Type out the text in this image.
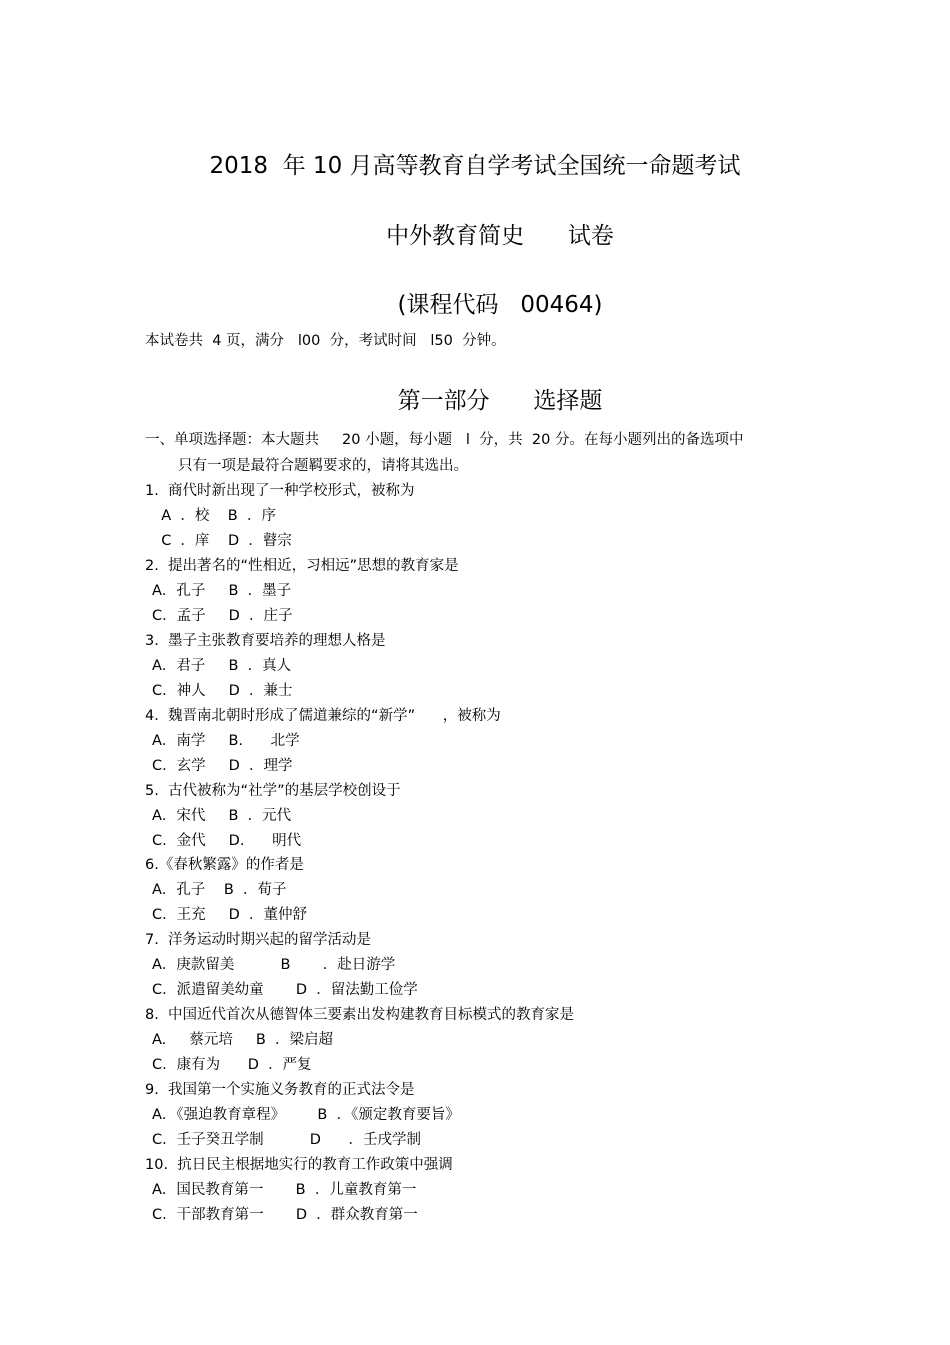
2018  年 10 月高等教育自学考试全国统一命题考试
中外教育简史      试卷
(课程代码   00464)
本试卷共  4 页，满分   l00  分，考试时间   l50  分钟。
第一部分      选择题
一、单项选择题：本大题共     20 小题，每小题   l  分，共  20 分。在每小题列出的备选项中
只有一项是最符合题羁要求的，请将其选出。
1.  商代时新出现了一种学校形式，被称为
A  ．校    B  ．序
C  ．庠    D  ．瞽宗
2.  提出著名的“性相近，习相远”思想的教育家是
A．孔子     B  ．墨子
C．孟子     D  ．庄子
3.  墨子主张教育要培养的理想人格是
A．君子     B  ．真人
C．神人     D  ．兼士
4.  魏晋南北朝时形成了儒道兼综的“新学”      ，被称为
A．南学     B.      北学
C．玄学     D  ．理学
5.  古代被称为“社学”的基层学校创设于
A．宋代     B  ．元代
C．金代     D.      明代
6.《春秋繁露》的作者是
A．孔子    B  ．荀子
C．王充     D  ．董仲舒
7.  洋务运动时期兴起的留学活动是
A．庚款留美          B       ．赴日游学
C．派遣留美幼童       D  ．留法勤工俭学
8.  中国近代首次从德智体三要素出发构建教育目标模式的教育家是
A.     蔡元培     B  ．梁启超
C．康有为      D  ．严复
9.  我国第一个实施义务教育的正式法令是
A．《强迫教育章程》       B  ．《颁定教育要旨》
C．壬子癸丑学制          D      ．壬戌学制
10.  抗日民主根据地实行的教育工作政策中强调
A．国民教育第一       B  ．儿童教育第一
C．干部教育第一       D  ．群众教育第一
